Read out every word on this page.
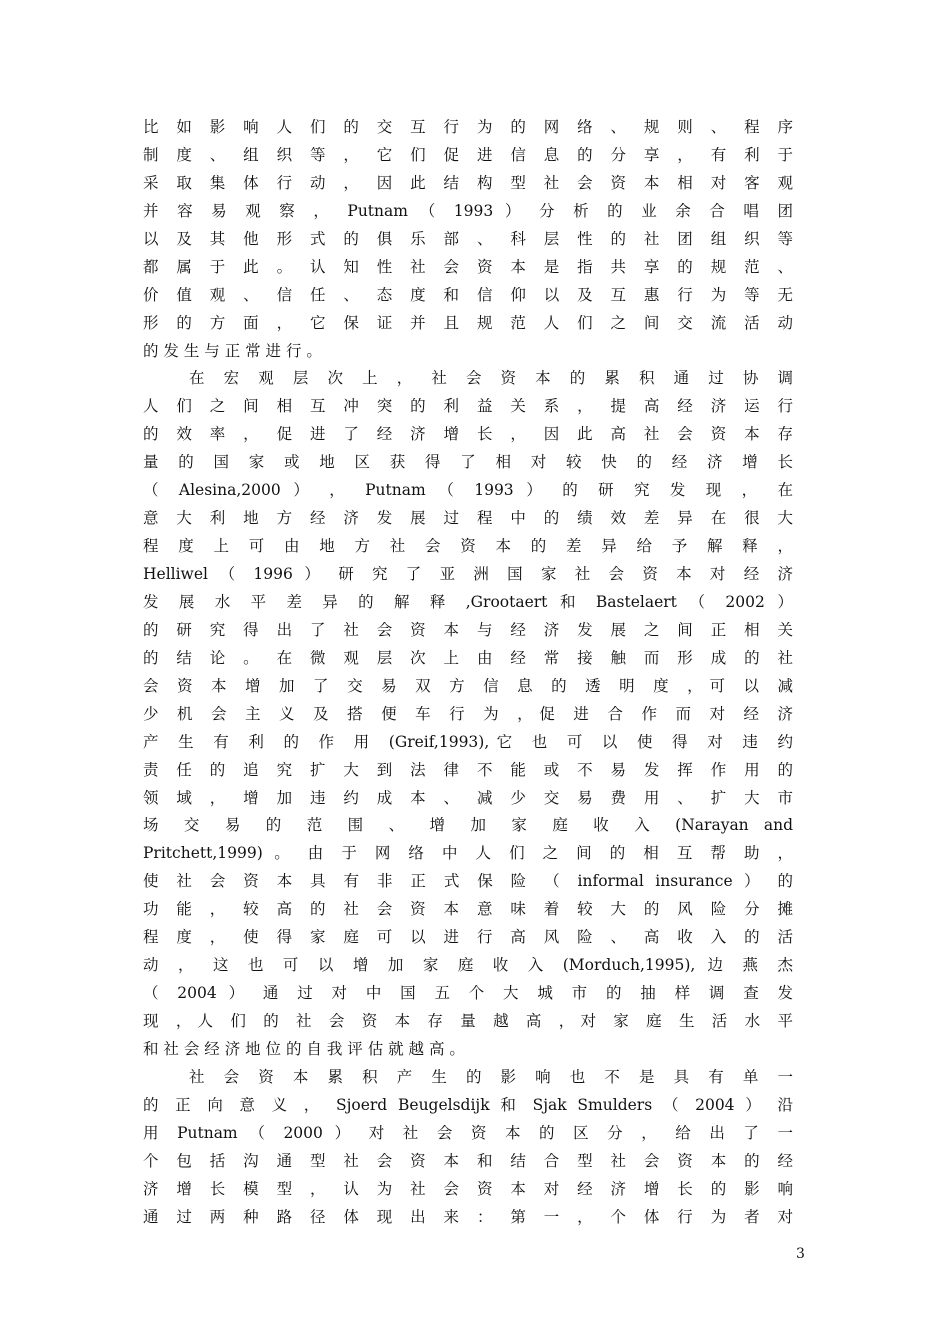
比 如 影 响 人 们 的 交 互 行 为 的 网 络 、 规 则 、 程 序
制 度 、 组 织 等 ， 它 们 促 进 信 息 的 分 享 ， 有 利 于
采 取 集 体 行 动 ， 因 此 结 构 型 社 会 资 本 相 对 客 观
并 容 易 观 察 ， Putnam （ 1993 ） 分 析 的 业 余 合 唱 团
以 及 其 他 形 式 的 俱 乐 部 、 科 层 性 的 社 团 组 织 等
都 属 于 此 。 认 知 性 社 会 资 本 是 指 共 享 的 规 范 、
价 值 观 、 信 任 、 态 度 和 信 仰 以 及 互 惠 行 为 等 无
形 的 方 面 ， 它 保 证 并 且 规 范 人 们 之 间 交 流 活 动
的 发 生 与 正 常 进 行 。
在 宏 观 层 次 上 ， 社 会 资 本 的 累 积 通 过 协 调
人 们 之 间 相 互 冲 突 的 利 益 关 系 ， 提 高 经 济 运 行
的 效 率 ， 促 进 了 经 济 增 长 ， 因 此 高 社 会 资 本 存
量 的 国 家 或 地 区 获 得 了 相 对 较 快 的 经 济 增 长
（ Alesina,2000 ） ， Putnam （ 1993 ） 的 研 究 发 现 ， 在
意 大 利 地 方 经 济 发 展 过 程 中 的 绩 效 差 异 在 很 大
程 度 上 可 由 地 方 社 会 资 本 的 差 异 给 予 解 释 ，
Helliwel （ 1996 ） 研 究 了 亚 洲 国 家 社 会 资 本 对 经 济
发 展 水 平 差 异 的 解 释 ,Grootaert 和 Bastelaert （ 2002 ）
的 研 究 得 出 了 社 会 资 本 与 经 济 发 展 之 间 正 相 关
的 结 论 。 在 微 观 层 次 上 由 经 常 接 触 而 形 成 的 社
会 资 本 增 加 了 交 易 双 方 信 息 的 透 明 度 ，可 以 减
少 机 会 主 义 及 搭 便 车 行 为 ，促 进 合 作 而 对 经 济
产 生 有 利 的 作 用 (Greif,1993),它 也 可 以 使 得 对 违 约
责 任 的 追 究 扩 大 到 法 律 不 能 或 不 易 发 挥 作 用 的
领 域 ， 增 加 违 约 成 本 、 减 少 交 易 费 用 、 扩 大 市
场 交 易 的 范 围 、 增 加 家 庭 收 入 (Narayan and
Pritchett,1999) 。 由 于 网 络 中 人 们 之 间 的 相 互 帮 助 ，
使 社 会 资 本 具 有 非 正 式 保 险 （ informal insurance ） 的
功 能 ， 较 高 的 社 会 资 本 意 味 着 较 大 的 风 险 分 摊
程 度 ， 使 得 家 庭 可 以 进 行 高 风 险 、 高 收 入 的 活
动 ， 这 也 可 以 增 加 家 庭 收 入 (Morduch,1995), 边 燕 杰
（ 2004 ） 通 过 对 中 国 五 个 大 城 市 的 抽 样 调 查 发
现 ，人 们 的 社 会 资 本 存 量 越 高 ，对 家 庭 生 活 水 平
和 社 会 经 济 地 位 的 自 我 评 估 就 越 高 。
社 会 资 本 累 积 产 生 的 影 响 也 不 是 具 有 单 一
的 正 向 意 义 ， Sjoerd Beugelsdijk 和 Sjak Smulders （ 2004 ） 沿
用 Putnam （ 2000 ） 对 社 会 资 本 的 区 分 ， 给 出 了 一
个 包 括 沟 通 型 社 会 资 本 和 结 合 型 社 会 资 本 的 经
济 增 长 模 型 ， 认 为 社 会 资 本 对 经 济 增 长 的 影 响
通 过 两 种 路 径 体 现 出 来 ： 第 一 ， 个 体 行 为 者 对
3
